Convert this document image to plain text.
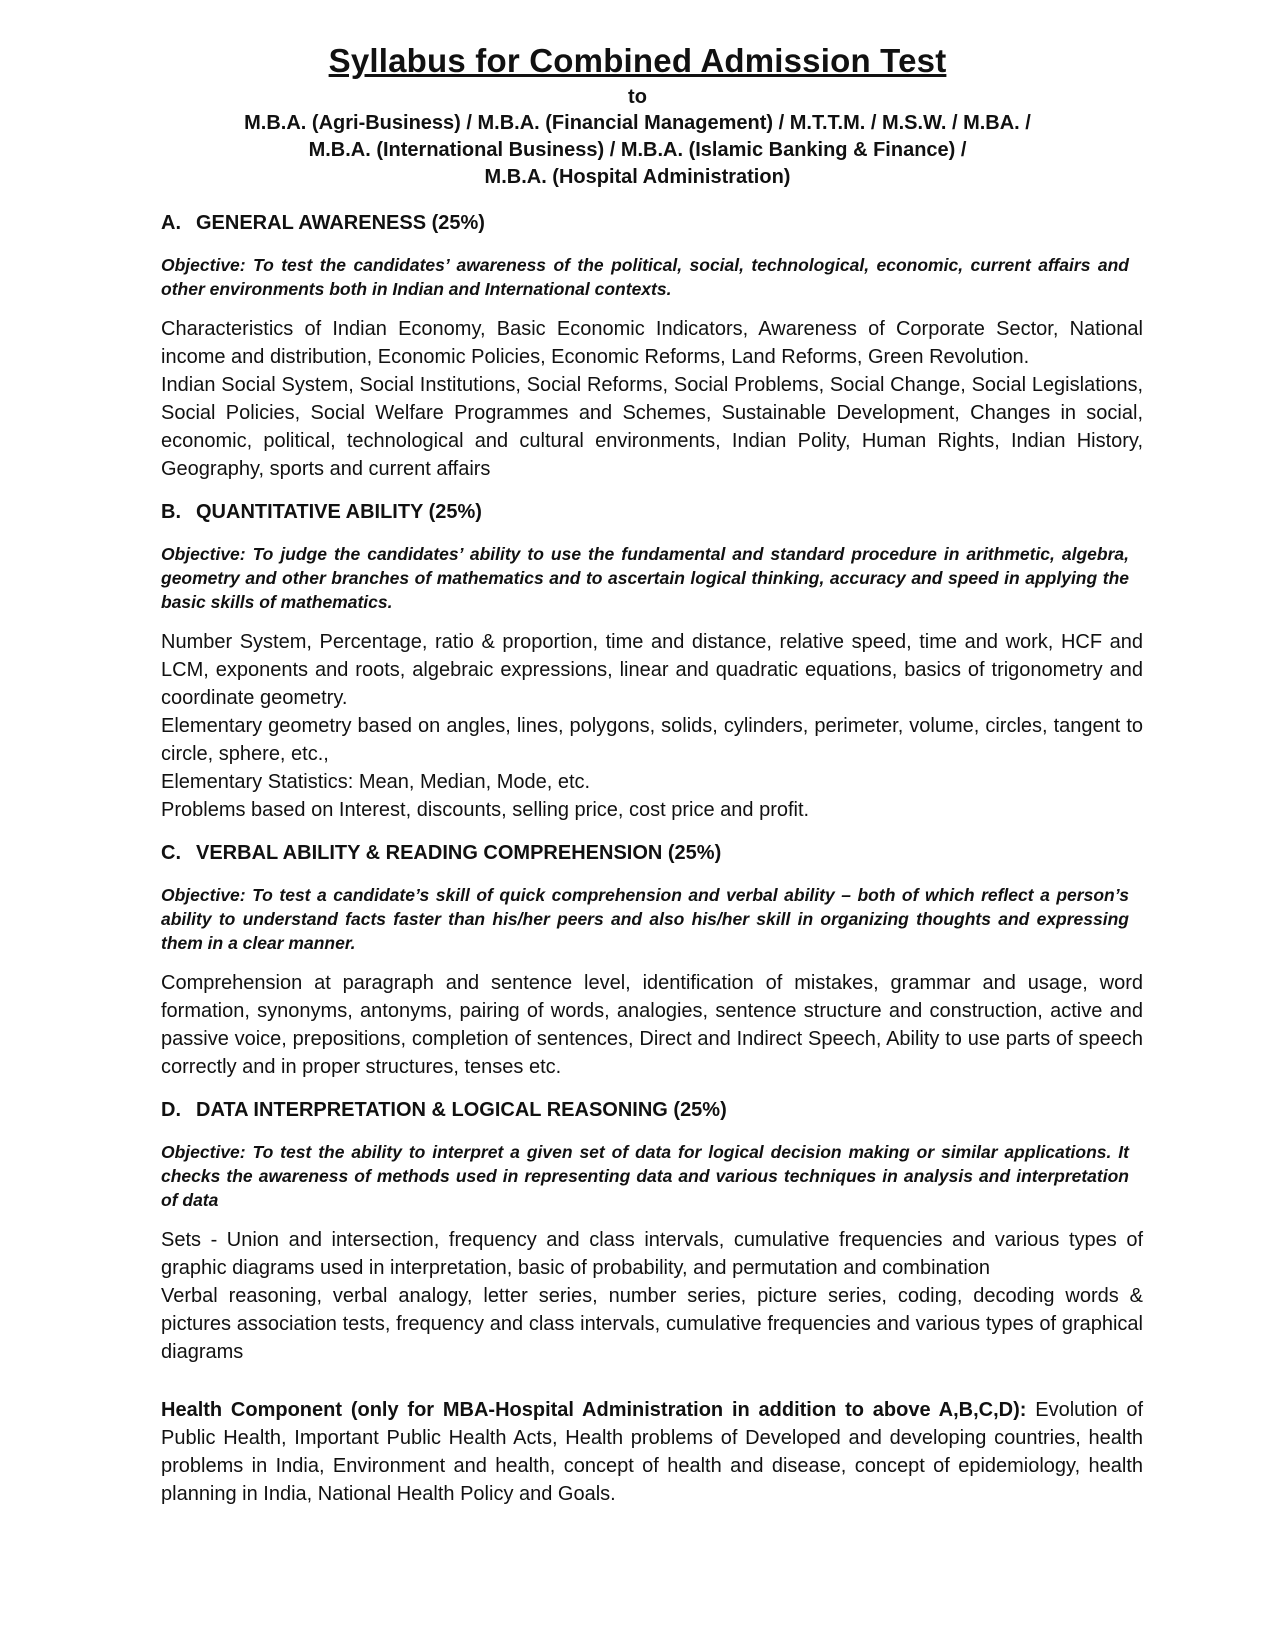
Syllabus for Combined Admission Test
to
M.B.A. (Agri-Business) / M.B.A. (Financial Management) / M.T.T.M. / M.S.W. / M.BA. /
M.B.A. (International Business) / M.B.A. (Islamic Banking & Finance) /
M.B.A. (Hospital Administration)
A. GENERAL AWARENESS (25%)
Objective: To test the candidates’ awareness of the political, social, technological, economic, current affairs and other environments both in Indian and International contexts.

Characteristics of Indian Economy, Basic Economic Indicators, Awareness of Corporate Sector, National income and distribution, Economic Policies, Economic Reforms, Land Reforms, Green Revolution.

Indian Social System, Social Institutions, Social Reforms, Social Problems, Social Change, Social Legislations, Social Policies, Social Welfare Programmes and Schemes, Sustainable Development, Changes in social, economic, political, technological and cultural environments, Indian Polity, Human Rights, Indian History, Geography, sports and current affairs

B. QUANTITATIVE ABILITY (25%)
Objective: To judge the candidates’ ability to use the fundamental and standard procedure in arithmetic, algebra, geometry and other branches of mathematics and to ascertain logical thinking, accuracy and speed in applying the basic skills of mathematics.

Number System, Percentage, ratio & proportion, time and distance, relative speed, time and work, HCF and LCM, exponents and roots, algebraic expressions, linear and quadratic equations, basics of trigonometry and coordinate geometry.

Elementary geometry based on angles, lines, polygons, solids, cylinders, perimeter, volume, circles, tangent to circle, sphere, etc.,

Elementary Statistics: Mean, Median, Mode, etc.

Problems based on Interest, discounts, selling price, cost price and profit.

C. VERBAL ABILITY & READING COMPREHENSION (25%)
Objective: To test a candidate’s skill of quick comprehension and verbal ability – both of which reflect a person’s ability to understand facts faster than his/her peers and also his/her skill in organizing thoughts and expressing them in a clear manner.

Comprehension at paragraph and sentence level, identification of mistakes, grammar and usage, word formation, synonyms, antonyms, pairing of words, analogies, sentence structure and construction, active and passive voice, prepositions, completion of sentences, Direct and Indirect Speech, Ability to use parts of speech correctly and in proper structures, tenses etc.

D. DATA INTERPRETATION & LOGICAL REASONING (25%)
Objective: To test the ability to interpret a given set of data for logical decision making or similar applications. It checks the awareness of methods used in representing data and various techniques in analysis and interpretation of data

Sets - Union and intersection, frequency and class intervals, cumulative frequencies and various types of graphic diagrams used in interpretation, basic of probability, and permutation and combination

Verbal reasoning, verbal analogy, letter series, number series, picture series, coding, decoding words & pictures association tests, frequency and class intervals, cumulative frequencies and various types of graphical diagrams

Health Component (only for MBA-Hospital Administration in addition to above A,B,C,D): Evolution of Public Health, Important Public Health Acts, Health problems of Developed and developing countries, health problems in India, Environment and health, concept of health and disease, concept of epidemiology, health planning in India, National Health Policy and Goals.
